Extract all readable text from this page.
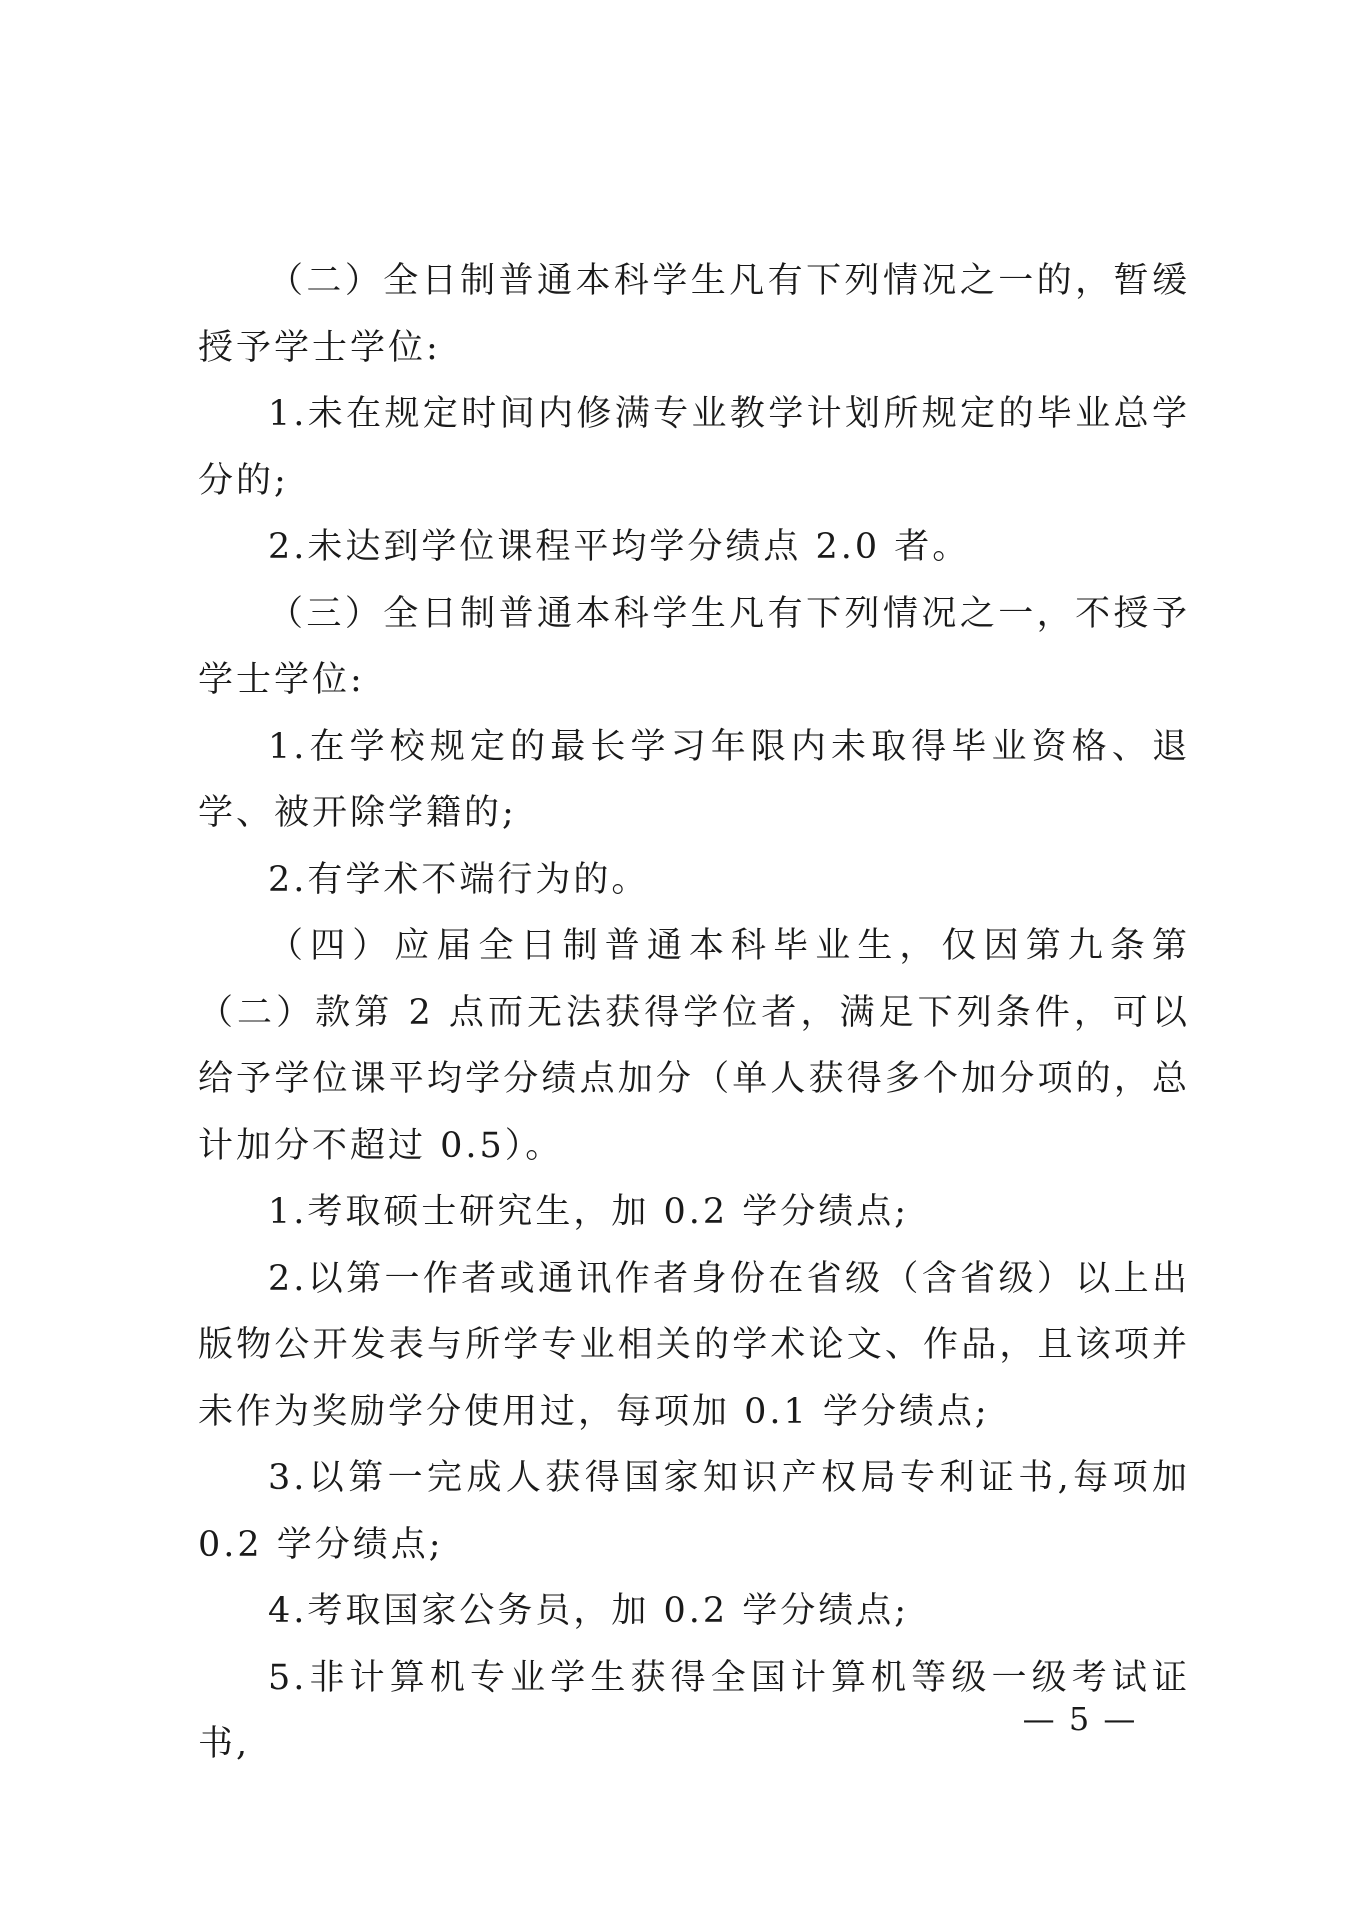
（二）全日制普通本科学生凡有下列情况之一的，暂缓授予学士学位:

1.未在规定时间内修满专业教学计划所规定的毕业总学分的;

2.未达到学位课程平均学分绩点 2.0 者。

（三）全日制普通本科学生凡有下列情况之一，不授予学士学位:

1.在学校规定的最长学习年限内未取得毕业资格、退学、被开除学籍的;

2.有学术不端行为的。

（四）应届全日制普通本科毕业生，仅因第九条第（二）款第 2 点而无法获得学位者，满足下列条件，可以给予学位课平均学分绩点加分（单人获得多个加分项的，总计加分不超过 0.5）。

1.考取硕士研究生，加 0.2 学分绩点;

2.以第一作者或通讯作者身份在省级（含省级）以上出版物公开发表与所学专业相关的学术论文、作品，且该项并未作为奖励学分使用过，每项加 0.1 学分绩点;

3.以第一完成人获得国家知识产权局专利证书,每项加 0.2 学分绩点;

4.考取国家公务员，加 0.2 学分绩点;

5.非计算机专业学生获得全国计算机等级一级考试证书,

— 5 —
